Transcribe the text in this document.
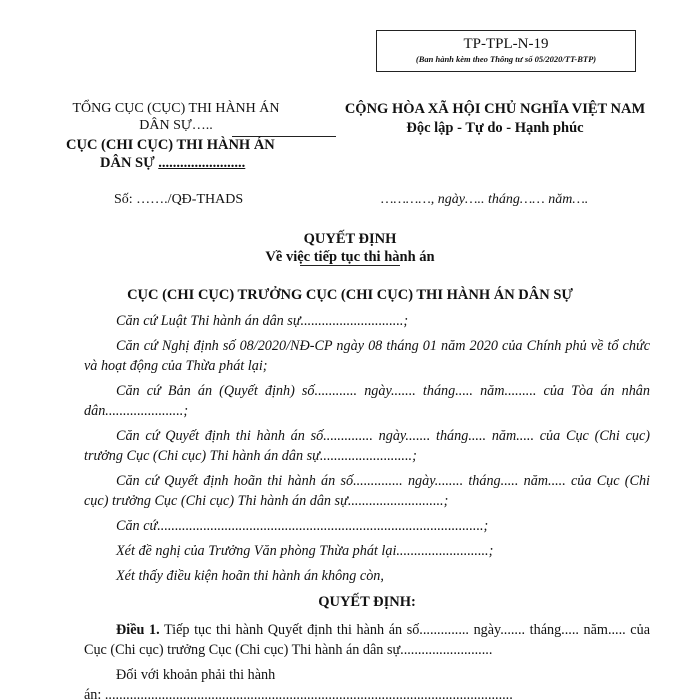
TP-TPL-N-19
(Ban hành kèm theo Thông tư số 05/2020/TT-BTP)
TỔNG CỤC (CỤC) THI HÀNH ÁN
DÂN SỰ…..
CỤC (CHI CỤC) THI HÀNH ÁN
DÂN SỰ ........................
CỘNG HÒA XÃ HỘI CHỦ NGHĨA VIỆT NAM
Độc lập - Tự do - Hạnh phúc
Số: ……./QĐ-THADS	…………, ngày….. tháng…… năm….
QUYẾT ĐỊNH
Về việc tiếp tục thi hành án
CỤC (CHI CỤC) TRƯỞNG CỤC (CHI CỤC) THI HÀNH ÁN DÂN SỰ

Căn cứ Luật Thi hành án dân sự.............................;

Căn cứ Nghị định số 08/2020/NĐ-CP ngày 08 tháng 01 năm 2020 của Chính phủ về tổ chức và hoạt động của Thừa phát lại;

Căn cứ Bản án (Quyết định) số............ ngày....... tháng..... năm......... của Tòa án nhân dân......................;

Căn cứ Quyết định thi hành án số.............. ngày....... tháng..... năm..... của Cục (Chi cục) trưởng Cục (Chi cục) Thi hành án dân sự..........................;

Căn cứ Quyết định hoãn thi hành án số.............. ngày........ tháng..... năm..... của Cục (Chi cục) trưởng Cục (Chi cục) Thi hành án dân sự...........................;

Căn cứ............................................................................................;

Xét đề nghị của Trưởng Văn phòng Thừa phát lại..........................;

Xét thấy điều kiện hoãn thi hành án không còn,

QUYẾT ĐỊNH:

Điều 1. Tiếp tục thi hành Quyết định thi hành án số.............. ngày....... tháng..... năm..... của Cục (Chi cục) trưởng Cục (Chi cục) Thi hành án dân sự..........................

Đối với khoản phải thi hành

án: ...................................................................................................................
